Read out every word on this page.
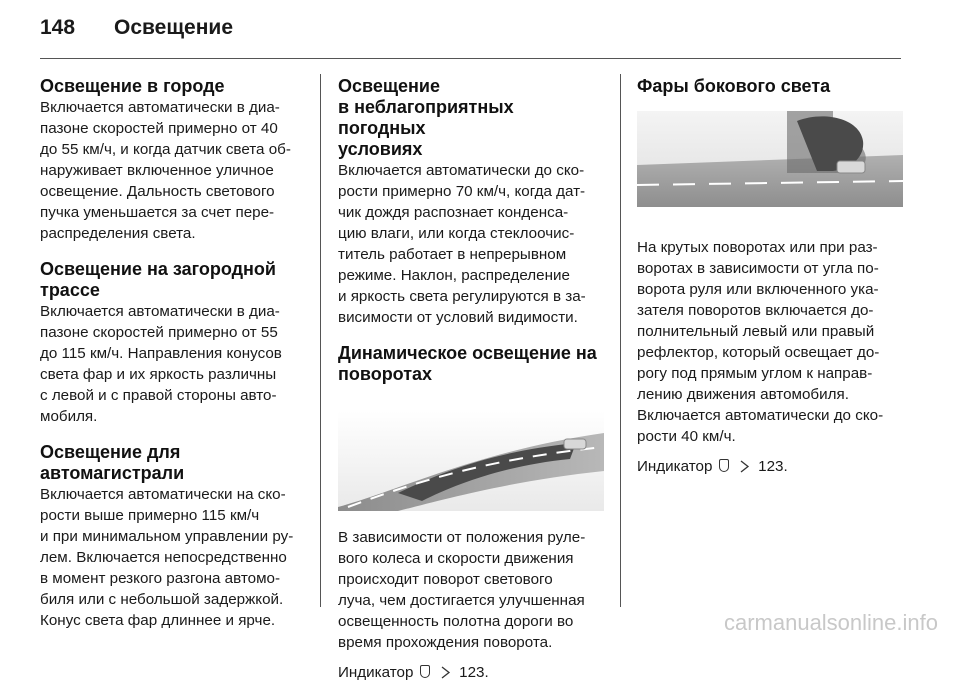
148	Освещение
Освещение в городе

Включается автоматически в диа-

пазоне скоростей примерно от 40

до 55 км/ч, и когда датчик света об-

наруживает включенное уличное

освещение. Дальность светового

пучка уменьшается за счет пере-

распределения света.

Освещение на загородной
трассе

Включается автоматически в диа-

пазоне скоростей примерно от 55

до 115 км/ч. Направления конусов

света фар и их яркость различны

с левой и с правой стороны авто-

мобиля.

Освещение для
автомагистрали

Включается автоматически на ско-

рости выше примерно 115 км/ч

и при минимальном управлении ру-

лем. Включается непосредственно

в момент резкого разгона автомо-

биля или с небольшой задержкой.

Конус света фар длиннее и ярче.

Освещение
в неблагоприятных погодных
условиях

Включается автоматически до ско-

рости примерно 70 км/ч, когда дат-

чик дождя распознает конденса-

цию влаги, или когда стеклоочис-

титель работает в непрерывном

режиме. Наклон, распределение

и яркость света регулируются в за-

висимости от условий видимости.

Динамическое освещение на
поворотах

В зависимости от положения руле-

вого колеса и скорости движения

происходит поворот светового

луча, чем достигается улучшенная

освещенность полотна дороги во

время прохождения поворота.

Индикатор	123.

Фары бокового света

На крутых поворотах или при раз-

воротах в зависимости от угла по-

ворота руля или включенного ука-

зателя поворотов включается до-

полнительный левый или правый

рефлектор, который освещает до-

рогу под прямым углом к направ-

лению движения автомобиля.

Включается автоматически до ско-

рости 40 км/ч.

Индикатор	123.

carmanualsonline.info
